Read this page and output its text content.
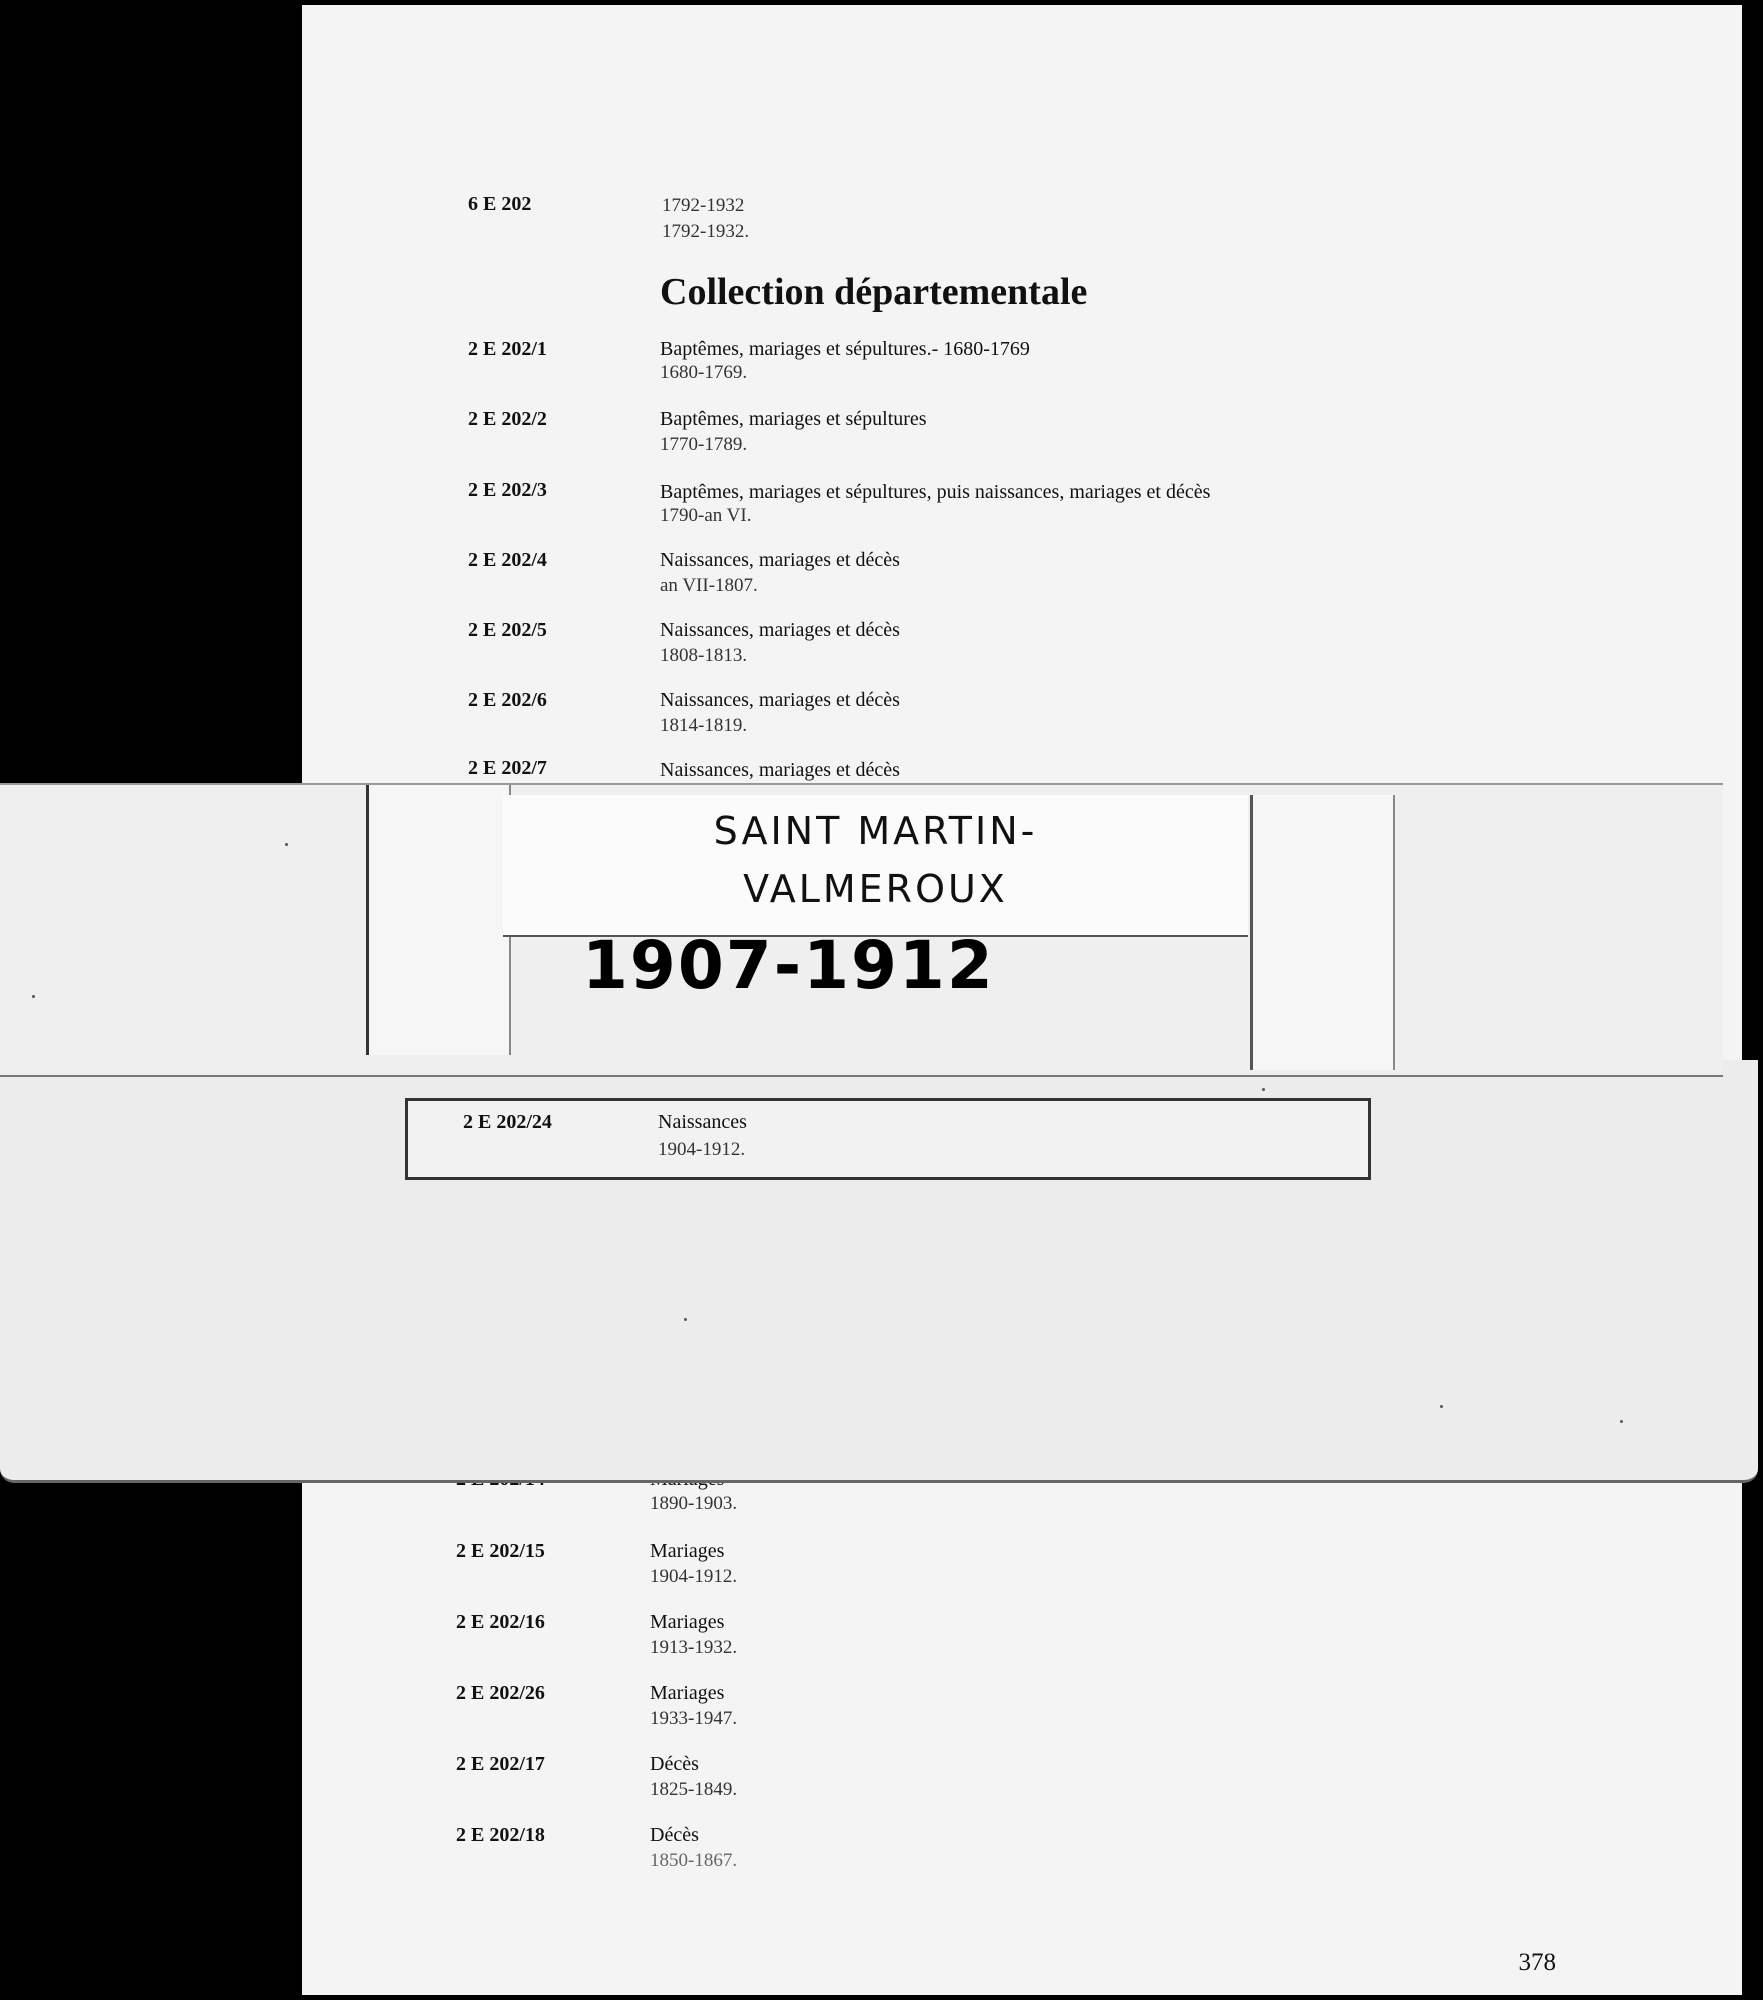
6 E 202	1792-1932
1792-1932.
Collection départementale
2 E 202/1	Baptêmes, mariages et sépultures.- 1680-1769
1680-1769.
2 E 202/2	Baptêmes, mariages et sépultures
1770-1789.
2 E 202/3	Baptêmes, mariages et sépultures, puis naissances, mariages et décès
1790-an VI.
2 E 202/4	Naissances, mariages et décès
an VII-1807.
2 E 202/5	Naissances, mariages et décès
1808-1813.
2 E 202/6	Naissances, mariages et décès
1814-1819.
2 E 202/7	Naissances, mariages et décès
1890-1903.
2 E 202/15	Mariages
1904-1912.
2 E 202/16	Mariages
1913-1932.
2 E 202/26	Mariages
1933-1947.
2 E 202/17	Décès
1825-1849.
2 E 202/18	Décès
1850-1867.
378
2 E 202/24	Naissances
1904-1912.
SAINT MARTIN-
VALMEROUX
1907-1912
